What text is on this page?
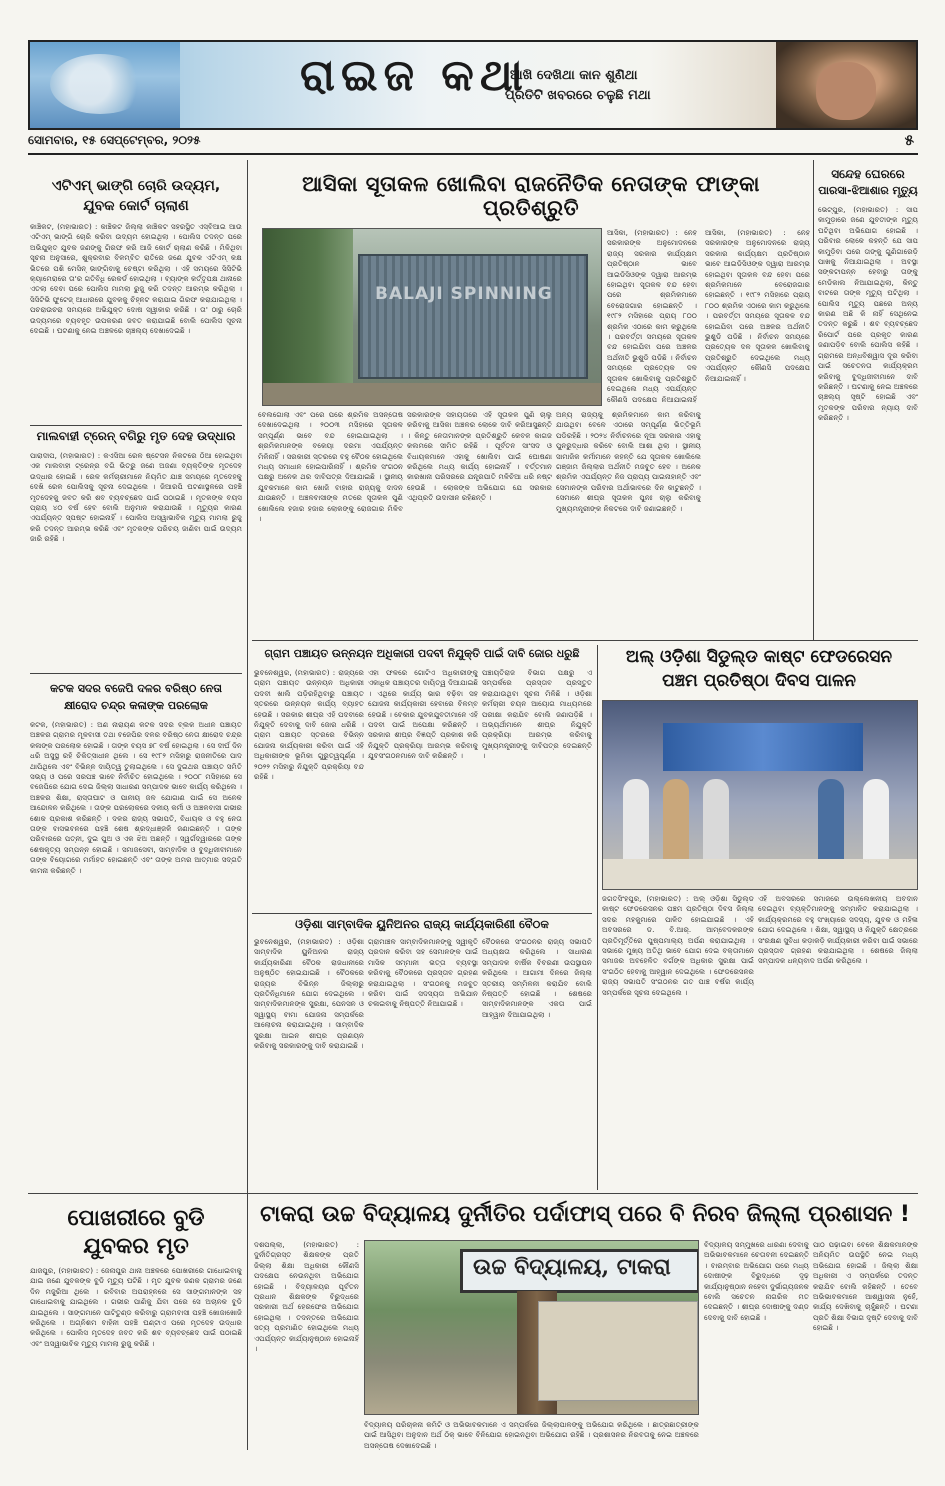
ରାଇଜ କଥା
ଆଖି ଦେଖିଥା କାନ ଶୁଣିଥା
ପ୍ରତିଟି ଖବରରେ ଚଳୁଛି ମଥା
ସୋମବାର, ୧୫ ସେପ୍ଟେମ୍ବର, ୨୦୨୫	୫
ଏଟିଏମ୍ ଭାଙ୍ଗି ଚୋରି ଉଦ୍ୟମ,
ଯୁବକ କୋର୍ଟ ଚାଲାଣ
କାଞ୍ଚିକଟ, (ମହାଭାରତ) : କାଞ୍ଚିକଟ ଜିଲ୍ଲା କାଞ୍ଚିକଟ ସହରସ୍ଥିତ ଏସ୍‌ବିଆଇ ଆଉ ଏଟିଏମ୍ ଭାଙ୍ଗି ଚୋରି କରିବା ଉଦ୍ୟମ ହୋଇଥିଲା । ପୋଲିସ ତଦନ୍ତ ପରେ ଅଭିଯୁକ୍ତ ଯୁବକ ଜଣଙ୍କୁ ଗିରଫ କରି ଆଜି କୋର୍ଟ ଚାଲାଣ କରିଛି । ମିଳିଥିବା ସୂଚନା ଅନୁସାରେ, ଶୁକ୍ରବାର ବିଳମ୍ବିତ ରାତିରେ ଜଣେ ଯୁବକ ଏଟିଏମ୍ କକ୍ଷ ଭିତରେ ପଶି ମେସିନ୍ ଭାଙ୍ଗିବାକୁ ଚେଷ୍ଟା କରିଥିଲା । ଏହି ସମୟରେ ସିସିଟିଭି କ୍ୟାମେରାରେ ତା'ର ଗତିବିଧି ରେକର୍ଡ ହୋଇଥିଲା । ବ୍ୟାଙ୍କ କର୍ତ୍ତୃପକ୍ଷ ଥାନାରେ ଏତଲା ଦେବା ପରେ ପୋଲିସ ମାମଲା ରୁଜୁ କରି ତଦନ୍ତ ଆରମ୍ଭ କରିଥିଲା । ସିସିଟିଭି ଫୁଟେଜ୍ ଆଧାରରେ ଯୁବକକୁ ଚିହ୍ନଟ କରାଯାଇ ଗିରଫ କରାଯାଇଥିଲା । ପଚରାଉଚରା ସମୟରେ ଅଭିଯୁକ୍ତ ଦୋଷ ସ୍ୱୀକାର କରିଛି । ତା' ଠାରୁ ଚୋରି ଉଦ୍ୟମରେ ବ୍ୟବହୃତ ଉପକରଣ ଜବତ କରାଯାଇଛି ବୋଲି ପୋଲିସ ସୂଚନା ଦେଇଛି । ଘଟଣାକୁ ନେଇ ଅଞ୍ଚଳରେ ଚାଞ୍ଚଲ୍ୟ ଦେଖାଦେଇଛି ।
ମାଲବାହୀ ଟ୍ରେନ୍ ବଗିରୁ ମୃତ ଦେହ ଉଦ୍ଧାର
ପାରାଦୀପ, (ମହାଭାରତ) : କଏସିଆ ରେଳ ଷ୍ଟେସନ ନିକଟରେ ଠିଆ ହୋଇଥିବା ଏକ ମାଲବାହୀ ଟ୍ରେନ୍‌ର ବଗି ଭିତରୁ ଜଣେ ଅଜଣା ବ୍ୟକ୍ତିଙ୍କ ମୃତଦେହ ଉଦ୍ଧାର ହୋଇଛି । ରେଳ କର୍ମଚାରୀମାନେ ନିୟମିତ ଯାଞ୍ଚ ସମୟରେ ମୃତଦେହକୁ ଦେଖି ରେଳ ପୋଲିସକୁ ସୂଚନା ଦେଇଥିଲେ । ଜିଆରପି ଘଟଣାସ୍ଥଳରେ ପହଞ୍ଚି ମୃତଦେହକୁ ଜବତ କରି ଶବ ବ୍ୟବଚ୍ଛେଦ ପାଇଁ ପଠାଇଛି । ମୃତକଙ୍କ ବୟସ ପ୍ରାୟ ୪୦ ବର୍ଷ ହେବ ବୋଲି ଅନୁମାନ କରାଯାଉଛି । ମୃତ୍ୟୁର କାରଣ ଏପର୍ଯ୍ୟନ୍ତ ସ୍ପଷ୍ଟ ହୋଇନାହିଁ । ପୋଲିସ ଅସ୍ୱାଭାବିକ ମୃତ୍ୟୁ ମାମଲା ରୁଜୁ କରି ତଦନ୍ତ ଆରମ୍ଭ କରିଛି ଏବଂ ମୃତକଙ୍କ ପରିଚୟ ଜାଣିବା ପାଇଁ ଉଦ୍ୟମ ଜାରି ରହିଛି ।
କଟକ ସଦର ବଜେପି ଦଳର ବରିଷ୍ଠ ନେତା
କ୍ଷୀରୋଦ ଚନ୍ଦ୍ର କଳାଙ୍କ ପରଲୋକ
କଟକ, (ମହାଭାରତ) : ଅଣ ନାରାୟଣ କଟକ ସଦର ବ୍ଲକ ଅଧୀନ ପଞ୍ଚାୟତ ଅଞ୍ଚଳର ଗ୍ରାମର ମୂଳବାସୀ ତଥା ବଜେପିର ଦଳର ବରିଷ୍ଠ ନେତା କ୍ଷୀରୋଦ ଚନ୍ଦ୍ର କଳାଙ୍କ ପରଲୋକ ହୋଇଛି । ତାଙ୍କ ବୟସ ୭୮ ବର୍ଷ ହୋଇଥିଲା । ସେ ଦୀର୍ଘ ଦିନ ଧରି ଅସୁସ୍ଥ ରହି ଚିକିତ୍ସାଧୀନ ଥିଲେ । ସେ ୧୯୮୨ ମସିହାରୁ ରାଜନୀତିରେ ପାଦ ଥାପିଥିଲେ ଏବଂ ବିଭିନ୍ନ ଦାୟିତ୍ୱ ତୁଲାଇଥିଲେ । ସେ ଦୁଇଥର ପଞ୍ଚାୟତ ସମିତି ସଭ୍ୟ ଓ ପରେ ସରପଞ୍ଚ ଭାବେ ନିର୍ବାଚିତ ହୋଇଥିଲେ । ୨୦୦୮ ମସିହାରେ ସେ ବଜେପିରେ ଯୋଗ ଦେଇ ଜିଲ୍ଲା ସାଧାରଣ ସମ୍ପାଦକ ଭାବେ କାର୍ଯ୍ୟ କରିଥିଲେ । ଅଞ୍ଚଳର ଶିକ୍ଷା, ରାସ୍ତାଘାଟ ଓ ପାନୀୟ ଜଳ ଯୋଗାଣ ପାଇଁ ସେ ଅନେକ ଆନ୍ଦୋଳନ କରିଥିଲେ । ତାଙ୍କ ପରଲୋକରେ ଦଳୀୟ କର୍ମୀ ଓ ଅଞ୍ଚଳବାସୀ ଗଭୀର ଶୋକ ପ୍ରକାଶ କରିଛନ୍ତି । ଦଳର ରାଜ୍ୟ ସଭାପତି, ବିଧାୟକ ଓ ବହୁ ନେତା ତାଙ୍କ ବାସଭବନରେ ପହଞ୍ଚି ଶେଷ ଶ୍ରଦ୍ଧାଞ୍ଜଳି ଜଣାଇଛନ୍ତି । ତାଙ୍କ ପରିବାରରେ ପତ୍ନୀ, ଦୁଇ ପୁଅ ଓ ଏକ ଝିଅ ଅଛନ୍ତି । ସ୍ୱର୍ଗଦ୍ୱାରରେ ତାଙ୍କ ଶେଷକୃତ୍ୟ ସମ୍ପନ୍ନ ହୋଇଛି । ସମାଜସେବୀ, ସାମ୍ବାଦିକ ଓ ବୁଦ୍ଧିଜୀବୀମାନେ ତାଙ୍କ ବିୟୋଗରେ ମର୍ମାହତ ହୋଇଛନ୍ତି ଏବଂ ତାଙ୍କ ଅମର ଆତ୍ମାର ସଦ୍‌ଗତି କାମନା କରିଛନ୍ତି ।
ପୋଖରୀରେ ବୁଡି
ଯୁବକର ମୃତ
ଯାଜପୁର, (ମହାଭାରତ) : ଜେନାପୁର ଥାନା ଅଞ୍ଚଳରେ ପୋଖରୀରେ ଗାଧୋଇବାକୁ ଯାଇ ଜଣେ ଯୁବକଙ୍କ ବୁଡି ମୃତ୍ୟୁ ଘଟିଛି । ମୃତ ଯୁବକ ଜଣକ ଗ୍ରାମର ଜଣେ ଦିନ ମଜୁରିଆ ଥିଲେ । ରବିବାର ଅପରାହ୍ନରେ ସେ ସାଙ୍ଗମାନଙ୍କ ସହ ଗାଧୋଇବାକୁ ଯାଇଥିଲେ । ଗଭୀର ପାଣିକୁ ଯିବା ପରେ ସେ ଅଚାନକ ବୁଡି ଯାଇଥିଲେ । ସାଙ୍ଗମାନେ ପାଟିତୁଣ୍ଡ କରିବାରୁ ଗ୍ରାମବାସୀ ପହଞ୍ଚି ଖୋଜାଖୋଜି କରିଥିଲେ । ଅଗ୍ନିଶମ ବାହିନୀ ପହଞ୍ଚି ଘଣ୍ଟାଏ ପରେ ମୃତଦେହ ଉଦ୍ଧାର କରିଥିଲେ । ପୋଲିସ ମୃତଦେହ ଜବତ କରି ଶବ ବ୍ୟବଚ୍ଛେଦ ପାଇଁ ପଠାଇଛି ଏବଂ ଅସ୍ୱାଭାବିକ ମୃତ୍ୟୁ ମାମଲା ରୁଜୁ କରିଛି ।
ଆସିକା ସୂତାକଳ ଖୋଲିବା ରାଜନୈତିକ ନେତାଙ୍କ ଫାଙ୍କା ପ୍ରତିଶ୍ରୁତି
BALAJI SPINNING
ଆସିକା, (ମହାଭାରତ) : ନେହ ସରକାରଙ୍କ ଅନୁମୋଦନରେ ରାଜ୍ୟ ସରକାର କାର୍ଯ୍ୟକ୍ଷମ ପ୍ରତିଷ୍ଠାନ ଭାବେ ଆଇଡିସିଓଙ୍କ ଦ୍ୱାରା ଆରମ୍ଭ ହୋଇଥିବା ସୂତାକଳ ବନ୍ଦ ହେବା ପରେ ଶ୍ରମିକମାନେ ବେରୋଜଗାର ହୋଇଛନ୍ତି । ୧୯୮୨ ମସିହାରେ ପ୍ରାୟ ୮୦୦ ଶ୍ରମିକ ଏଠାରେ କାମ କରୁଥିଲେ । ପରବର୍ତ୍ତୀ ସମୟରେ ସୂତାକଳ ବନ୍ଦ ହୋଇଯିବା ପରେ ଅଞ୍ଚଳର ଅର୍ଥନୀତି ଭୁଶୁଡି ପଡିଛି । ନିର୍ବାଚନ ସମୟରେ ପ୍ରତ୍ୟେକ ଦଳ ସୂତାକଳ ଖୋଲିବାକୁ ପ୍ରତିଶ୍ରୁତି ଦେଇଥିଲେ ମଧ୍ୟ ଏପର୍ଯ୍ୟନ୍ତ କୌଣସି ପଦକ୍ଷେପ ନିଆଯାଇନାହିଁ
ବେଲଗୋଲା ଏବଂ ପରେ ପରେ ଶ୍ରମିକ ଅସନ୍ତୋଷ ଦେଖାଦେଇଥିଲା । ୨୦୦୩ ମସିହାରେ ସୂତାକଳ ସମ୍ପୂର୍ଣ୍ଣ ଭାବେ ବନ୍ଦ ହୋଇଯାଇଥିଲା । ଶ୍ରମିକମାନଙ୍କ ବକେୟା ଦରମା ଏପର୍ଯ୍ୟନ୍ତ ମିଳିନାହିଁ । ସରକାରୀ ସ୍ତରରେ ବହୁ ବୈଠକ ହୋଇଥିଲେ ମଧ୍ୟ ସମାଧାନ ହୋଇପାରିନାହିଁ । ଶ୍ରମିକ ସଂଗଠନ ପକ୍ଷରୁ ଅନେକ ଥର ଦାବିପତ୍ର ଦିଆଯାଇଛି । ସ୍ଥାନୀୟ ଯୁବକମାନେ କାମ ଖୋଜି ବାହାର ରାଜ୍ୟକୁ ଦାଦନ ଯାଉଛନ୍ତି । ଅଞ୍ଚଳବାସୀଙ୍କ ମତରେ ସୂତାକଳ ପୁଣି ଖୋଲିଲେ ହଜାର ହଜାର ଲୋକଙ୍କୁ ରୋଜଗାର ମିଳିବ ।
ସରକାରଙ୍କ ସହାୟତାରେ ଏହି ସୂତାକଳ ପୁଣି ଚାଲୁ କରିବାକୁ ଆସିକା ଅଞ୍ଚଳର ଲୋକେ ଦାବି କରିଆସୁଛନ୍ତି । କିନ୍ତୁ ନେତାମାନଙ୍କ ପ୍ରତିଶ୍ରୁତି କେବଳ କାଗଜ କଲମରେ ସୀମିତ ରହିଛି । ପୂର୍ବତନ ସାଂସଦ ଓ ବିଧାୟକମାନେ ଏହାକୁ ଖୋଲିବା ପାଇଁ ଘୋଷଣା କରିଥିଲେ ମଧ୍ୟ କାର୍ଯ୍ୟ ହୋଇନାହିଁ । ବର୍ତ୍ତମାନ କାରଖାନା ପରିସରରେ ଯନ୍ତ୍ରପାତି ମଳିଚିଆ ଧରି ନଷ୍ଟ ହେଉଛି । ଲୋକଙ୍କ ଅଭିଯୋଗ ଯେ ସରକାର ଏଥିପ୍ରତି ଉଦାସୀନ ରହିଛନ୍ତି ।
ଅନ୍ୟ ରାଜ୍ୟକୁ ଶ୍ରମିକମାନେ କାମ କରିବାକୁ ଯାଉଥିବା ବେଳେ ଏଠାରେ ସମ୍ପୂର୍ଣ୍ଣ ଭିତ୍ତିଭୂମି ପଡିରହିଛି । ୨୦୨୪ ନିର୍ବାଚନରେ ନୂଆ ସରକାର ଏହାକୁ ପୁନରୁଦ୍ଧାର କରିବେ ବୋଲି ଆଶା ଥିଲା । ସ୍ଥାନୀୟ ସାମାଜିକ କର୍ମୀମାନେ କହନ୍ତି ଯେ ସୂତାକଳ ଖୋଲିଲେ ଗଞ୍ଜାମ ଜିଲ୍ଲାର ଅର୍ଥନୀତି ମଜବୁତ ହେବ । ଅନେକ ଶ୍ରମିକ ଏପର୍ଯ୍ୟନ୍ତ ନିଜ ପ୍ରାପ୍ୟ ପାଇନାହାନ୍ତି ଏବଂ ସେମାନଙ୍କ ପରିବାର ଅର୍ଥାଭାବରେ ଦିନ କାଟୁଛନ୍ତି । ସେମାନେ ଶୀଘ୍ର ସୂତାକଳ ପୁନଃ ଚାଲୁ କରିବାକୁ ମୁଖ୍ୟମନ୍ତ୍ରୀଙ୍କ ନିକଟରେ ଦାବି ଜଣାଇଛନ୍ତି ।
ଆସିକା, (ମହାଭାରତ) : ନେହ ସରକାରଙ୍କ ଅନୁମୋଦନରେ ରାଜ୍ୟ ସରକାର କାର୍ଯ୍ୟକ୍ଷମ ପ୍ରତିଷ୍ଠାନ ଭାବେ ଆଇଡିସିଓଙ୍କ ଦ୍ୱାରା ଆରମ୍ଭ ହୋଇଥିବା ସୂତାକଳ ବନ୍ଦ ହେବା ପରେ ଶ୍ରମିକମାନେ ବେରୋଜଗାର ହୋଇଛନ୍ତି । ୧୯୮୨ ମସିହାରେ ପ୍ରାୟ ୮୦୦ ଶ୍ରମିକ ଏଠାରେ କାମ କରୁଥିଲେ । ପରବର୍ତ୍ତୀ ସମୟରେ ସୂତାକଳ ବନ୍ଦ ହୋଇଯିବା ପରେ ଅଞ୍ଚଳର ଅର୍ଥନୀତି ଭୁଶୁଡି ପଡିଛି । ନିର୍ବାଚନ ସମୟରେ ପ୍ରତ୍ୟେକ ଦଳ ସୂତାକଳ ଖୋଲିବାକୁ ପ୍ରତିଶ୍ରୁତି ଦେଇଥିଲେ ମଧ୍ୟ ଏପର୍ଯ୍ୟନ୍ତ କୌଣସି ପଦକ୍ଷେପ ନିଆଯାଇନାହିଁ ।
ସନ୍ଦେହ ଘେରରେ
ପାରସା-ଝିଆଶାର ମୃତ୍ୟୁ
ଭେଟ୍‌ପୁର, (ମହାଭାରତ) : ସାପ କାମୁଡ଼ାରେ ଜଣେ ଯୁବତୀଙ୍କ ମୃତ୍ୟୁ ଘଟିଥିବା ଅଭିଯୋଗ ହୋଇଛି । ପରିବାର ଲୋକେ କହନ୍ତି ଯେ ସାପ କାମୁଡ଼ିବା ପରେ ତାଙ୍କୁ ଗୁଣିଗାରେଡ଼ି ପାଖକୁ ନିଆଯାଇଥିଲା । ଅବସ୍ଥା ସଙ୍କଟାପନ୍ନ ହେବାରୁ ତାଙ୍କୁ ମେଡିକାଲ ନିଆଯାଇଥିଲା, କିନ୍ତୁ ବାଟରେ ତାଙ୍କ ମୃତ୍ୟୁ ଘଟିଥିଲା । ପୋଲିସ ମୃତ୍ୟୁ ପଛରେ ଅନ୍ୟ କାରଣ ଅଛି କି ନାହିଁ ସେଥିନେଇ ତଦନ୍ତ କରୁଛି । ଶବ ବ୍ୟବଚ୍ଛେଦ ରିପୋର୍ଟ ପରେ ପ୍ରକୃତ କାରଣ ଜଣାପଡ଼ିବ ବୋଲି ପୋଲିସ କହିଛି । ଗ୍ରାମରେ ଅନ୍ଧବିଶ୍ୱାସ ଦୂର କରିବା ପାଇଁ ସଚେତନତା କାର୍ଯ୍ୟକ୍ରମ କରିବାକୁ ବୁଦ୍ଧିଜୀବୀମାନେ ଦାବି କରିଛନ୍ତି । ଘଟଣାକୁ ନେଇ ଅଞ୍ଚଳରେ ଚାଞ୍ଚଲ୍ୟ ସୃଷ୍ଟି ହୋଇଛି ଏବଂ ମୃତକଙ୍କ ପରିବାର ନ୍ୟାୟ ଦାବି କରିଛନ୍ତି ।
ଗ୍ରାମ ପଞ୍ଚାୟତ ଉନ୍ନୟନ ଅଧିକାରୀ ପଦବୀ ନିଯୁକ୍ତି ପାଇଁ ଦାବି ଜୋର ଧରୁଛି
ଭୁବନେଶ୍ୱର, (ମହାଭାରତ) : ରାଜ୍ୟରେ ଗ୍ରାମ ପଞ୍ଚାୟତ ଉନ୍ନୟନ ଅଧିକାରୀ ପଦବୀ ଖାଲି ପଡ଼ିରହିଥିବାରୁ ପଞ୍ଚାୟତ ସ୍ତରରେ ଉନ୍ନୟନ କାର୍ଯ୍ୟ ବ୍ୟାହତ ହେଉଛି । ସରକାର ଶୀଘ୍ର ଏହି ପଦବୀରେ ନିଯୁକ୍ତି ଦେବାକୁ ଦାବି ଜୋର ଧରିଛି । ଗ୍ରାମ ପଞ୍ଚାୟତ ସ୍ତରରେ ବିଭିନ୍ନ ଯୋଜନା କାର୍ଯ୍ୟକାରୀ କରିବା ପାଇଁ ଏହି ଅଧିକାରୀଙ୍କ ଭୂମିକା ଗୁରୁତ୍ୱପୂର୍ଣ୍ଣ । ୨୦୨୨ ମସିହାରୁ ନିଯୁକ୍ତି ପ୍ରକ୍ରିୟା ବନ୍ଦ ରହିଛି ।
ଏହା ଫଳରେ ଗୋଟିଏ ଅଧିକାରୀଙ୍କୁ ଏକାଧିକ ପଞ୍ଚାୟତର ଦାୟିତ୍ୱ ଦିଆଯାଇଛି । ଏଥିରେ କାର୍ଯ୍ୟ ଭାର ବଢ଼ିବା ସହ ଯୋଜନା କାର୍ଯ୍ୟକାରୀ ହେବାରେ ବିଳମ୍ବ ହେଉଛି । ବେକାର ଯୁବକଯୁବତୀମାନେ ଏହି ପଦବୀ ପାଇଁ ଅପେକ୍ଷା କରିଛନ୍ତି । ସରକାର ଶୀଘ୍ର ବିଜ୍ଞପ୍ତି ପ୍ରକାଶ କରି ନିଯୁକ୍ତି ପ୍ରକ୍ରିୟା ଆରମ୍ଭ କରିବାକୁ ଯୁବସଂଗଠନମାନେ ଦାବି କରିଛନ୍ତି ।
ପଞ୍ଚାୟତିରାଜ ବିଭାଗ ପକ୍ଷରୁ ଏ ସମ୍ପର୍କରେ ପ୍ରସ୍ତାବ ପ୍ରସ୍ତୁତ କରାଯାଉଥିବା ସୂଚନା ମିଳିଛି । ଓଡ଼ିଶା କର୍ମଚାରୀ ଚୟନ ଆୟୋଗ ମାଧ୍ୟମରେ ପରୀକ୍ଷା କରାଯିବ ବୋଲି ଜଣାପଡ଼ିଛି । ଅଭ୍ୟର୍ଥୀମାନେ ଶୀଘ୍ର ନିଯୁକ୍ତି ପ୍ରକ୍ରିୟା ଆରମ୍ଭ କରିବାକୁ ମୁଖ୍ୟମନ୍ତ୍ରୀଙ୍କୁ ଦାବିପତ୍ର ଦେଇଛନ୍ତି ।
ଅଲ୍ ଓଡ଼ିଶା ସିଡୁଲ୍ଡ କାଷ୍ଟ ଫେଡରେସନ
ପଞ୍ଚମ ପ୍ରତିଷ୍ଠା ଦିବସ ପାଳନ
ଜଗତସିଂହପୁର, (ମହାଭାରତ) : ଅଲ୍ ଓଡ଼ିଶା ସିଡୁଲ୍ଡ କାଷ୍ଟ ଫେଡରେସନର ପଞ୍ଚମ ପ୍ରତିଷ୍ଠା ଦିବସ ଜିଲ୍ଲା ସଦର ମହକୁମାରେ ପାଳିତ ହୋଇଯାଇଛି । ଏହି ଅବସରରେ ଡ. ବି.ଆର୍. ଆମ୍ବେଦକରଙ୍କ ପ୍ରତିମୂର୍ତ୍ତିରେ ପୁଷ୍ପମାଲ୍ୟ ଅର୍ପଣ କରାଯାଇଥିଲା । ସଭାରେ ମୁଖ୍ୟ ଅତିଥି ଭାବେ ଯୋଗ ଦେଇ ବକ୍ତାମାନେ ସମାଜର ଅବହେଳିତ ବର୍ଗଙ୍କ ଅଧିକାର ସୁରକ୍ଷା ପାଇଁ ସଂଗଠିତ ହେବାକୁ ଆହ୍ୱାନ ଦେଇଥିଲେ । ଫେଡରେସନର ରାଜ୍ୟ ସଭାପତି ସଂଗଠନର ଗତ ପାଞ୍ଚ ବର୍ଷର କାର୍ଯ୍ୟ ସମ୍ପର୍କରେ ସୂଚନା ଦେଇଥିଲେ ।
ଏହି ଅବସରରେ ସମାଜରେ ଉଲ୍ଲେଖନୀୟ ଅବଦାନ ଦେଇଥିବା ବ୍ୟକ୍ତିମାନଙ୍କୁ ସମ୍ମାନିତ କରାଯାଇଥିଲା । କାର୍ଯ୍ୟକ୍ରମରେ ବହୁ ସଂଖ୍ୟାରେ ସଦସ୍ୟ, ଯୁବକ ଓ ମହିଳା ଯୋଗ ଦେଇଥିଲେ । ଶିକ୍ଷା, ସ୍ୱାସ୍ଥ୍ୟ ଓ ନିଯୁକ୍ତି କ୍ଷେତ୍ରରେ ସଂରକ୍ଷଣ ସୁବିଧା କଡ଼ାକଡ଼ି କାର୍ଯ୍ୟକାରୀ କରିବା ପାଇଁ ସଭାରେ ପ୍ରସ୍ତାବ ଗ୍ରହଣ କରାଯାଇଥିଲା । ଶେଷରେ ଜିଲ୍ଲା ସମ୍ପାଦକ ଧନ୍ୟବାଦ ଅର୍ପଣ କରିଥିଲେ ।
ଓଡ଼ିଶା ସାମ୍ବାଦିକ ୟୁନିଅନର ରାଜ୍ୟ କାର୍ଯ୍ୟକାରିଣୀ ବୈଠକ
ଭୁବନେଶ୍ୱର, (ମହାଭାରତ) : ଓଡ଼ିଶା ସାମ୍ବାଦିକ ୟୁନିଅନର ରାଜ୍ୟ କାର୍ଯ୍ୟକାରିଣୀ ବୈଠକ ରାଜଧାନୀରେ ଅନୁଷ୍ଠିତ ହୋଇଯାଇଛି । ବୈଠକରେ ରାଜ୍ୟର ବିଭିନ୍ନ ଜିଲ୍ଲାରୁ ପ୍ରତିନିଧିମାନେ ଯୋଗ ଦେଇଥିଲେ । ସାମ୍ବାଦିକମାନଙ୍କ ସୁରକ୍ଷା, ପେନସନ ଓ ସ୍ୱାସ୍ଥ୍ୟ ବୀମା ଯୋଜନା ସମ୍ପର୍କରେ ଆଲୋଚନା କରାଯାଇଥିଲା । ସାମ୍ବାଦିକ ସୁରକ୍ଷା ଆଇନ ଶୀଘ୍ର ପ୍ରଣୟନ କରିବାକୁ ସରକାରଙ୍କୁ ଦାବି କରାଯାଇଛି ।
ଗ୍ରାମାଞ୍ଚଳ ସାମ୍ବାଦିକମାନଙ୍କୁ ସ୍ୱୀକୃତି ପ୍ରଦାନ କରିବା ସହ ସେମାନଙ୍କ ପାଇଁ ମାସିକ ସମ୍ମାନୀ ଭତ୍ତା ବ୍ୟବସ୍ଥା କରିବାକୁ ବୈଠକରେ ପ୍ରସ୍ତାବ ଗ୍ରହଣ କରାଯାଇଥିଲା । ସଂଗଠନକୁ ମଜବୁତ କରିବା ପାଇଁ ସଦସ୍ୟତା ଅଭିଯାନ ଚଳାଇବାକୁ ନିଷ୍ପତ୍ତି ନିଆଯାଇଛି ।
ବୈଠକରେ ସଂଗଠନର ରାଜ୍ୟ ସଭାପତି ଅଧ୍ୟକ୍ଷତା କରିଥିଲେ । ସାଧାରଣ ସମ୍ପାଦକ ବାର୍ଷିକ ବିବରଣୀ ଉପସ୍ଥାପନ କରିଥିଲେ । ଆଗାମୀ ଦିନରେ ଜିଲ୍ଲା ସ୍ତରୀୟ ସମ୍ମିଳନୀ କରାଯିବ ବୋଲି ନିଷ୍ପତ୍ତି ହୋଇଛି । ଶେଷରେ ସାମ୍ବାଦିକମାନଙ୍କ ଏକତା ପାଇଁ ଆହ୍ୱାନ ଦିଆଯାଇଥିଲା ।
ଟାକରା ଉଚ୍ଚ ବିଦ୍ୟାଳୟ ଦୁର୍ନୀତିର ପର୍ଦାଫାସ୍ ପରେ ବି ନିରବ ଜିଲ୍ଲା ପ୍ରଶାସନ !
ଦଶପଲ୍ଲା, (ମହାଭାରତ) : ଦୁର୍ନୀତିଗ୍ରସ୍ତ ଶିକ୍ଷକଙ୍କ ପ୍ରତି ଜିଲ୍ଲା ଶିକ୍ଷା ଅଧିକାରୀ କୌଣସି ପଦକ୍ଷେପ ନେଉନଥିବା ଅଭିଯୋଗ ହୋଇଛି । ବିଦ୍ୟାଳୟର ପୂର୍ବତନ ପ୍ରଧାନ ଶିକ୍ଷକଙ୍କ ବିରୁଦ୍ଧରେ ସରକାରୀ ଅର୍ଥ ହେରଫେର ଅଭିଯୋଗ ହୋଇଥିଲା । ତଦନ୍ତରେ ଅଭିଯୋଗ ସତ୍ୟ ପ୍ରମାଣିତ ହୋଇଥିଲେ ମଧ୍ୟ ଏପର୍ଯ୍ୟନ୍ତ କାର୍ଯ୍ୟାନୁଷ୍ଠାନ ହୋଇନାହିଁ ।
ଉଚ୍ଚ ବିଦ୍ୟାଳୟ, ଟାକରା
ବିଦ୍ୟାଳୟ ପରିଚାଳନା କମିଟି ଓ ଅଭିଭାବକମାନେ ଏ ସମ୍ପର୍କରେ ଜିଲ୍ଲାପାଳଙ୍କୁ ଅଭିଯୋଗ କରିଥିଲେ । ଛାତ୍ରଛାତ୍ରୀଙ୍କ ପାଇଁ ଆସିଥିବା ଅନୁଦାନ ଅର୍ଥ ଠିକ୍ ଭାବେ ବିନିଯୋଗ ହୋଇନଥିବା ଅଭିଯୋଗ ରହିଛି । ପ୍ରଶାସନର ନିରବତାକୁ ନେଇ ଅଞ୍ଚଳରେ ଅସନ୍ତୋଷ ଦେଖାଦେଇଛି ।
ବିଦ୍ୟାଳୟ ସମ୍ମୁଖରେ ଧାରଣା ଦେବାକୁ ଅଭିଭାବକମାନେ ଚେତାବନୀ ଦେଇଛନ୍ତି । ବାରମ୍ବାର ଅଭିଯୋଗ ପରେ ମଧ୍ୟ ଦୋଷୀଙ୍କ ବିରୁଦ୍ଧରେ ଦୃଢ଼ କାର୍ଯ୍ୟାନୁଷ୍ଠାନ ନହେବା ଦୁର୍ଭାଗ୍ୟଜନକ ବୋଲି ସଚେତନ ନାଗରିକ ମତ ଦେଇଛନ୍ତି । ଶୀଘ୍ର ଦୋଷୀଙ୍କୁ ଦଣ୍ଡ ଦେବାକୁ ଦାବି ହୋଇଛି ।
ପାଠ ପଢ଼ାଇବା ବେଳେ ଶିକ୍ଷକମାନଙ୍କ ଅନିୟମିତ ଉପସ୍ଥିତି ନେଇ ମଧ୍ୟ ଅଭିଯୋଗ ହୋଇଛି । ଜିଲ୍ଲା ଶିକ୍ଷା ଅଧିକାରୀ ଏ ସମ୍ପର୍କରେ ତଦନ୍ତ କରାଯିବ ବୋଲି କହିଛନ୍ତି । ତେବେ ଅଭିଭାବକମାନେ ଆଶ୍ୱାସନା ନୁହେଁ, କାର୍ଯ୍ୟ ଦେଖିବାକୁ ଚାହୁଁଛନ୍ତି । ଘଟଣା ପ୍ରତି ଶିକ୍ଷା ବିଭାଗ ଦୃଷ୍ଟି ଦେବାକୁ ଦାବି ହୋଇଛି ।
